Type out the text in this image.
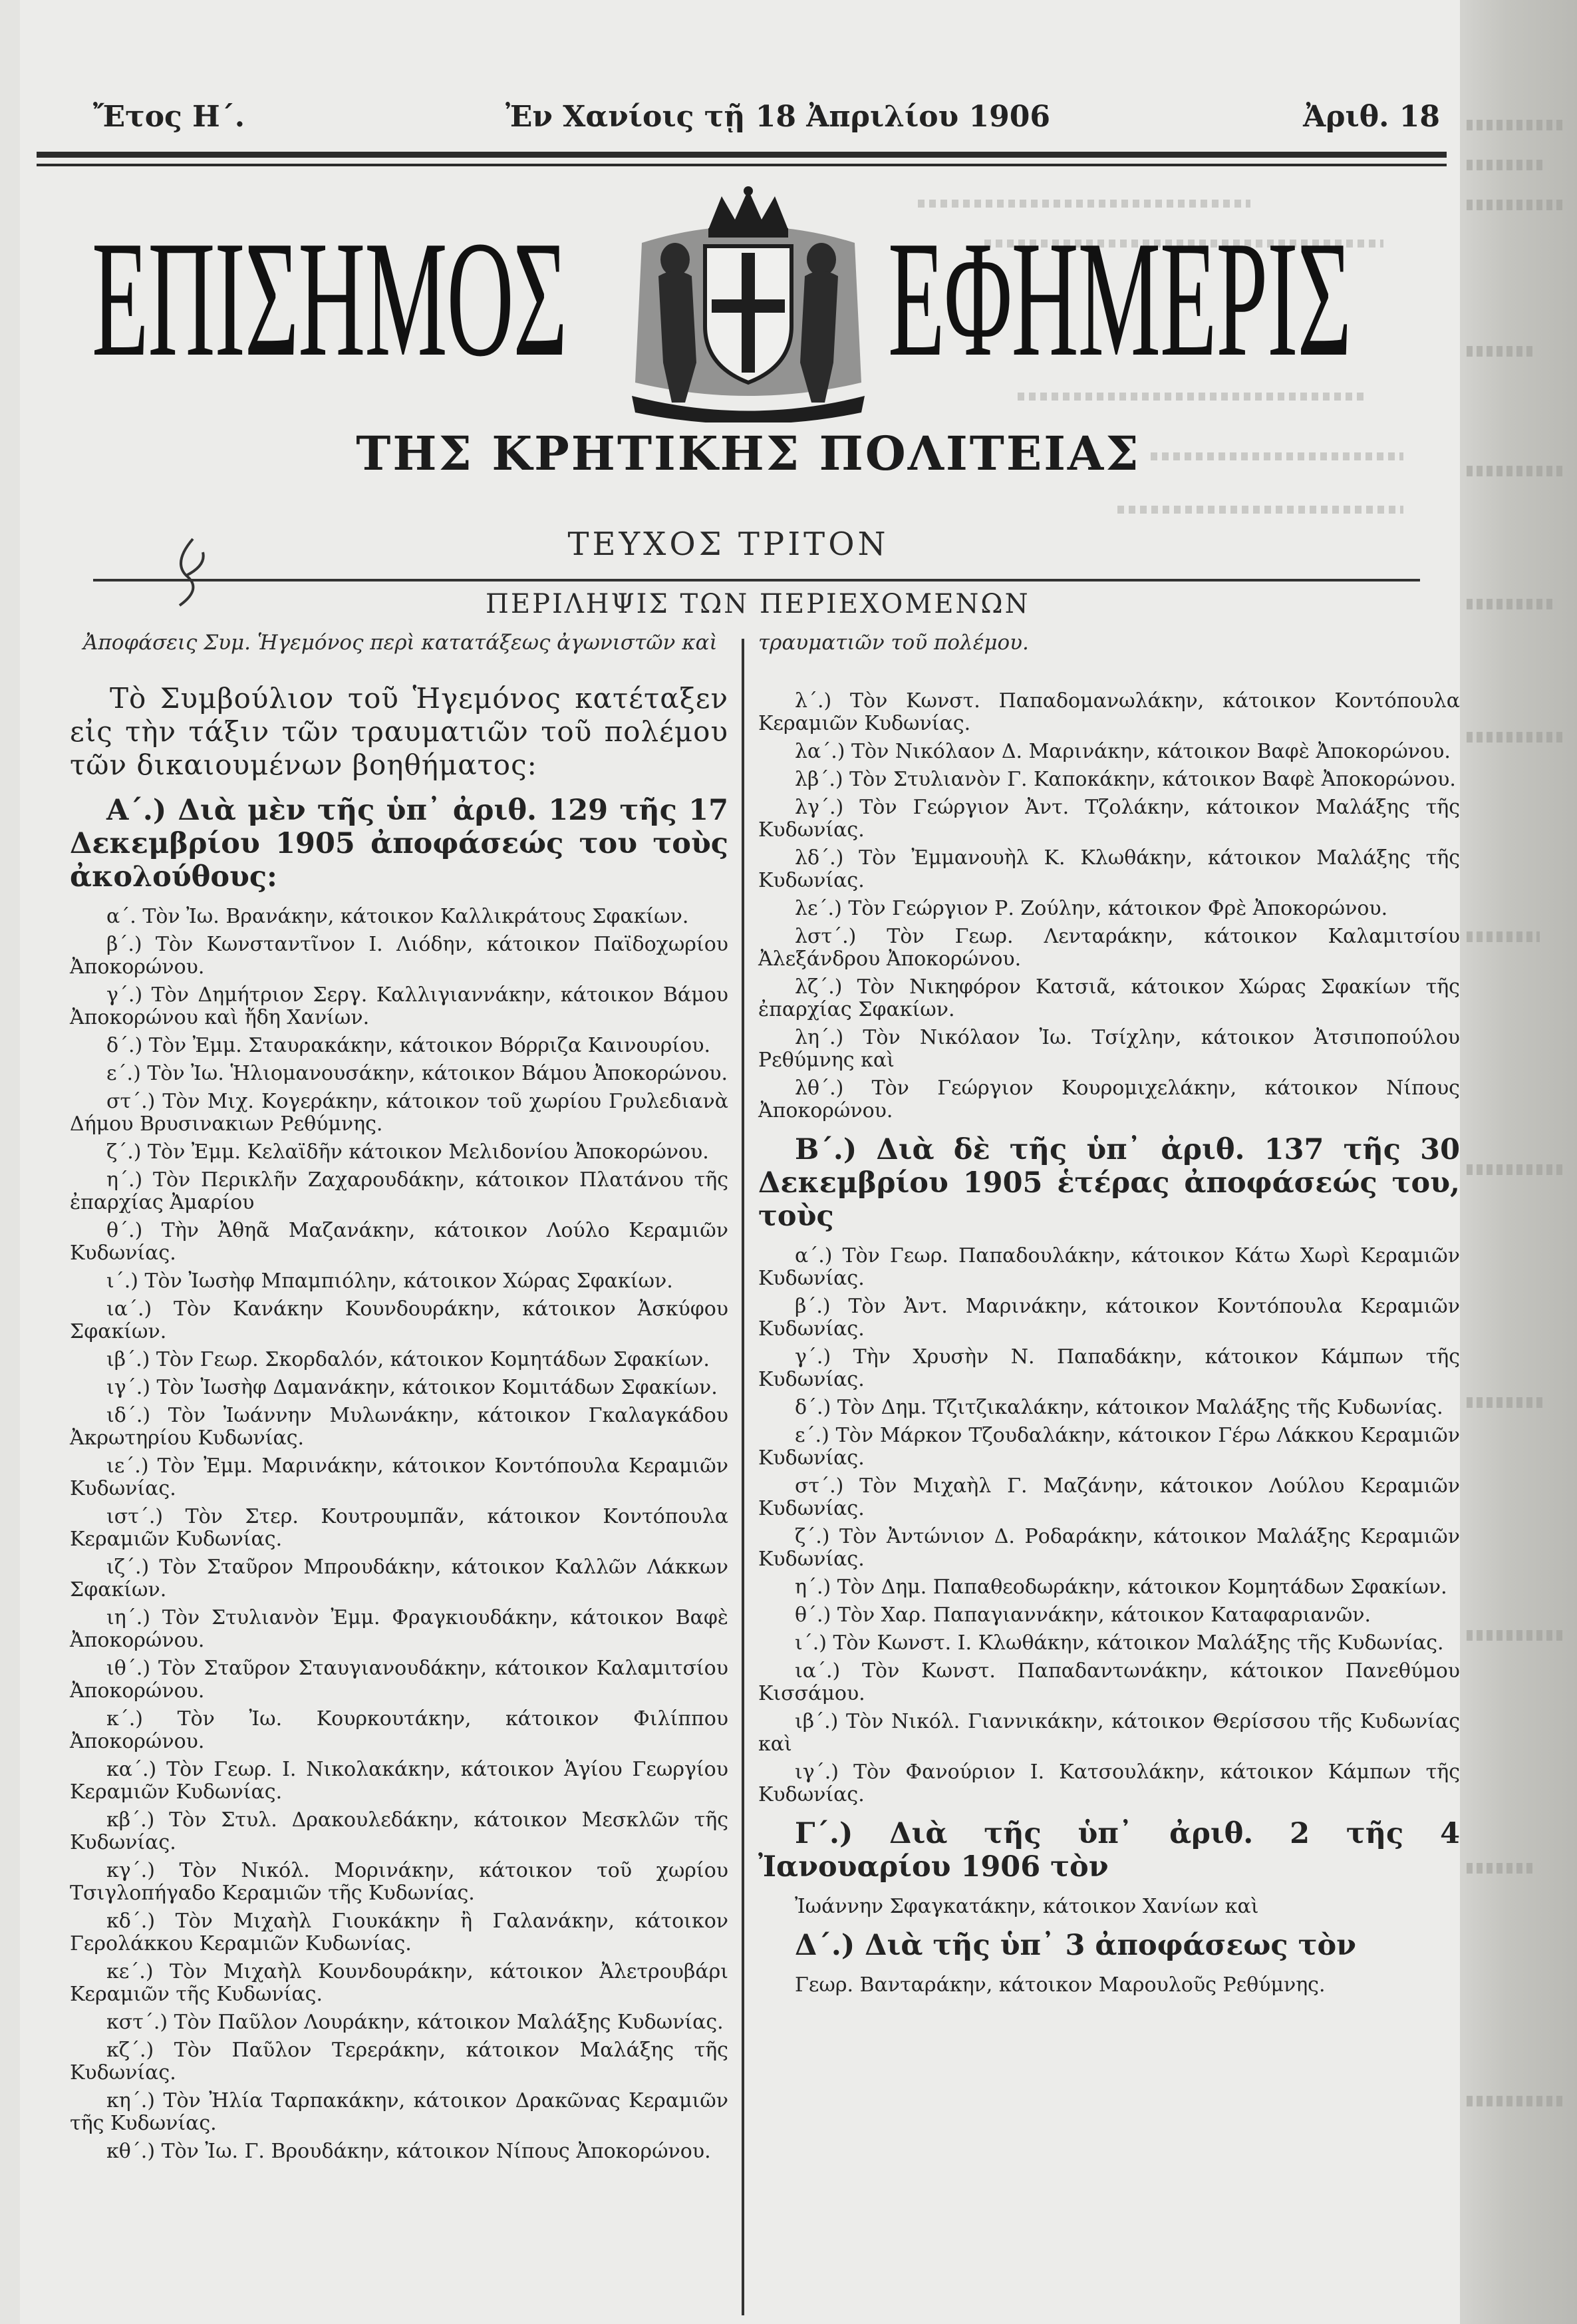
Ἔτος Η΄.	Ἐν Χανίοις τῇ 18 Ἀπριλίου 1906	Ἀριθ. 18
ΕΠΙΣΗΜΟΣ ΕΦΗΜΕΡΙΣ
ΤΗΣ ΚΡΗΤΙΚΗΣ ΠΟΛΙΤΕΙΑΣ
ΤΕΥΧΟΣ ΤΡΙΤΟΝ
ΠΕΡΙΛΗΨΙΣ ΤΩΝ ΠΕΡΙΕΧΟΜΕΝΩΝ
Ἀποφάσεις Συμ. Ἡγεμόνος περὶ κατατάξεως ἀγωνιστῶν καὶ τραυματιῶν τοῦ πολέμου.

Τὸ Συμβούλιον τοῦ Ἡγεμόνος κατέταξεν εἰς τὴν τάξιν τῶν τραυματιῶν τοῦ πολέμου τῶν δικαιουμένων βοηθήματος:

Α΄.) Διὰ μὲν τῆς ὑπ᾽ ἀριθ. 129 τῆς 17 Δεκεμβρίου 1905 ἀποφάσεώς του τοὺς ἀκολούθους:

α΄. Τὸν Ἰω. Βρανάκην, κάτοικον Καλλικράτους Σφακίων.

β΄.) Τὸν Κωνσταντῖνον Ι. Λιόδην, κάτοικον Παϊδοχωρίου Ἀποκορώνου.

γ΄.) Τὸν Δημήτριον Σεργ. Καλλιγιαννάκην, κάτοικον Βάμου Ἀποκορώνου καὶ ἤδη Χανίων.

δ΄.) Τὸν Ἐμμ. Σταυρακάκην, κάτοικον Βόρριζα Καινουρίου.

ε΄.) Τὸν Ἰω. Ἡλιομανουσάκην, κάτοικον Βάμου Ἀποκορώνου.

στ΄.) Τὸν Μιχ. Κογεράκην, κάτοικον τοῦ χωρίου Γρυλεδιανὰ Δήμου Βρυσινακιων Ρεθύμνης.

ζ΄.) Τὸν Ἐμμ. Κελαϊδῆν κάτοικον Μελιδονίου Ἀποκορώνου.

η΄.) Τὸν Περικλῆν Ζαχαρουδάκην, κάτοικον Πλατάνου τῆς ἐπαρχίας Ἀμαρίου

θ΄.) Τὴν Ἀθηᾶ Μαζανάκην, κάτοικον Λούλο Κεραμιῶν Κυδωνίας.

ι΄.) Τὸν Ἰωσὴφ Μπαμπιόλην, κάτοικον Χώρας Σφακίων.

ια΄.) Τὸν Κανάκην Κουνδουράκην, κάτοικον Ἀσκύφου Σφακίων.

ιβ΄.) Τὸν Γεωρ. Σκορδαλόν, κάτοικον Κομητάδων Σφακίων.

ιγ΄.) Τὸν Ἰωσὴφ Δαμανάκην, κάτοικον Κομιτάδων Σφακίων.

ιδ΄.) Τὸν Ἰωάννην Μυλωνάκην, κάτοικον Γκαλαγκάδου Ἀκρωτηρίου Κυδωνίας.

ιε΄.) Τὸν Ἐμμ. Μαρινάκην, κάτοικον Κοντόπουλα Κεραμιῶν Κυδωνίας.

ιστ΄.) Τὸν Στερ. Κουτρουμπᾶν, κάτοικον Κοντόπουλα Κεραμιῶν Κυδωνίας.

ιζ΄.) Τὸν Σταῦρον Μπρουδάκην, κάτοικον Καλλῶν Λάκκων Σφακίων.

ιη΄.) Τὸν Στυλιανὸν Ἐμμ. Φραγκιουδάκην, κάτοικον Βαφὲ Ἀποκορώνου.

ιθ΄.) Τὸν Σταῦρον Σταυγιανουδάκην, κάτοικον Καλαμιτσίου Ἀποκορώνου.

κ΄.) Τὸν Ἰω. Κουρκουτάκην, κάτοικον Φιλίππου Ἀποκορώνου.

κα΄.) Τὸν Γεωρ. Ι. Νικολακάκην, κάτοικον Ἁγίου Γεωργίου Κεραμιῶν Κυδωνίας.

κβ΄.) Τὸν Στυλ. Δρακουλεδάκην, κάτοικον Μεσκλῶν τῆς Κυδωνίας.

κγ΄.) Τὸν Νικόλ. Μορινάκην, κάτοικον τοῦ χωρίου Τσιγλοπήγαδο Κεραμιῶν τῆς Κυδωνίας.

κδ΄.) Τὸν Μιχαὴλ Γιουκάκην ἢ Γαλανάκην, κάτοικον Γερολάκκου Κεραμιῶν Κυδωνίας.

κε΄.) Τὸν Μιχαὴλ Κουνδουράκην, κάτοικον Ἀλετρουβάρι Κεραμιῶν τῆς Κυδωνίας.

κστ΄.) Τὸν Παῦλον Λουράκην, κάτοικον Μαλάξης Κυδωνίας.

κζ΄.) Τὸν Παῦλον Τερεράκην, κάτοικον Μαλάξης τῆς Κυδωνίας.

κη΄.) Τὸν Ἠλία Ταρπακάκην, κάτοικον Δρακῶνας Κεραμιῶν τῆς Κυδωνίας.

κθ΄.) Τὸν Ἰω. Γ. Βρουδάκην, κάτοικον Νίπους Ἀποκορώνου.

λ΄.) Τὸν Κωνστ. Παπαδομανωλάκην, κάτοικον Κοντόπουλα Κεραμιῶν Κυδωνίας.

λα΄.) Τὸν Νικόλαον Δ. Μαρινάκην, κάτοικον Βαφὲ Ἀποκορώνου.

λβ΄.) Τὸν Στυλιανὸν Γ. Καποκάκην, κάτοικον Βαφὲ Ἀποκορώνου.

λγ΄.) Τὸν Γεώργιον Ἀντ. Τζολάκην, κάτοικον Μαλάξης τῆς Κυδωνίας.

λδ΄.) Τὸν Ἐμμανουὴλ Κ. Κλωθάκην, κάτοικον Μαλάξης τῆς Κυδωνίας.

λε΄.) Τὸν Γεώργιον Ρ. Ζούλην, κάτοικον Φρὲ Ἀποκορώνου.

λστ΄.) Τὸν Γεωρ. Λενταράκην, κάτοικον Καλαμιτσίου Ἀλεξάνδρου Ἀποκορώνου.

λζ΄.) Τὸν Νικηφόρον Κατσιᾶ, κάτοικον Χώρας Σφακίων τῆς ἐπαρχίας Σφακίων.

λη΄.) Τὸν Νικόλαον Ἰω. Τσίχλην, κάτοικον Ἀτσιποπούλου Ρεθύμνης καὶ

λθ΄.) Τὸν Γεώργιον Κουρομιχελάκην, κάτοικον Νίπους Ἀποκορώνου.

Β΄.) Διὰ δὲ τῆς ὑπ᾽ ἀριθ. 137 τῆς 30 Δεκεμβρίου 1905 ἑτέρας ἀποφάσεώς του, τοὺς

α΄.) Τὸν Γεωρ. Παπαδουλάκην, κάτοικον Κάτω Χωρὶ Κεραμιῶν Κυδωνίας.

β΄.) Τὸν Ἀντ. Μαρινάκην, κάτοικον Κοντόπουλα Κεραμιῶν Κυδωνίας.

γ΄.) Τὴν Χρυσὴν Ν. Παπαδάκην, κάτοικον Κάμπων τῆς Κυδωνίας.

δ΄.) Τὸν Δημ. Τζιτζικαλάκην, κάτοικον Μαλάξης τῆς Κυδωνίας.

ε΄.) Τὸν Μάρκον Τζουδαλάκην, κάτοικον Γέρω Λάκκου Κεραμιῶν Κυδωνίας.

στ΄.) Τὸν Μιχαὴλ Γ. Μαζάνην, κάτοικον Λούλου Κεραμιῶν Κυδωνίας.

ζ΄.) Τὸν Ἀντώνιον Δ. Ροδαράκην, κάτοικον Μαλάξης Κεραμιῶν Κυδωνίας.

η΄.) Τὸν Δημ. Παπαθεοδωράκην, κάτοικον Κομητάδων Σφακίων.

θ΄.) Τὸν Χαρ. Παπαγιαννάκην, κάτοικον Καταφαριανῶν.

ι΄.) Τὸν Κωνστ. Ι. Κλωθάκην, κάτοικον Μαλάξης τῆς Κυδωνίας.

ια΄.) Τὸν Κωνστ. Παπαδαντωνάκην, κάτοικον Πανεθύμου Κισσάμου.

ιβ΄.) Τὸν Νικόλ. Γιαννικάκην, κάτοικον Θερίσσου τῆς Κυδωνίας καὶ

ιγ΄.) Τὸν Φανούριον Ι. Κατσουλάκην, κάτοικον Κάμπων τῆς Κυδωνίας.

Γ΄.) Διὰ τῆς ὑπ᾽ ἀριθ. 2 τῆς 4 Ἰανουαρίου 1906 τὸν

Ἰωάννην Σφαγκατάκην, κάτοικον Χανίων καὶ

Δ΄.) Διὰ τῆς ὑπ᾽ 3 ἀποφάσεως τὸν

Γεωρ. Βανταράκην, κάτοικον Μαρουλοῦς Ρεθύμνης.
